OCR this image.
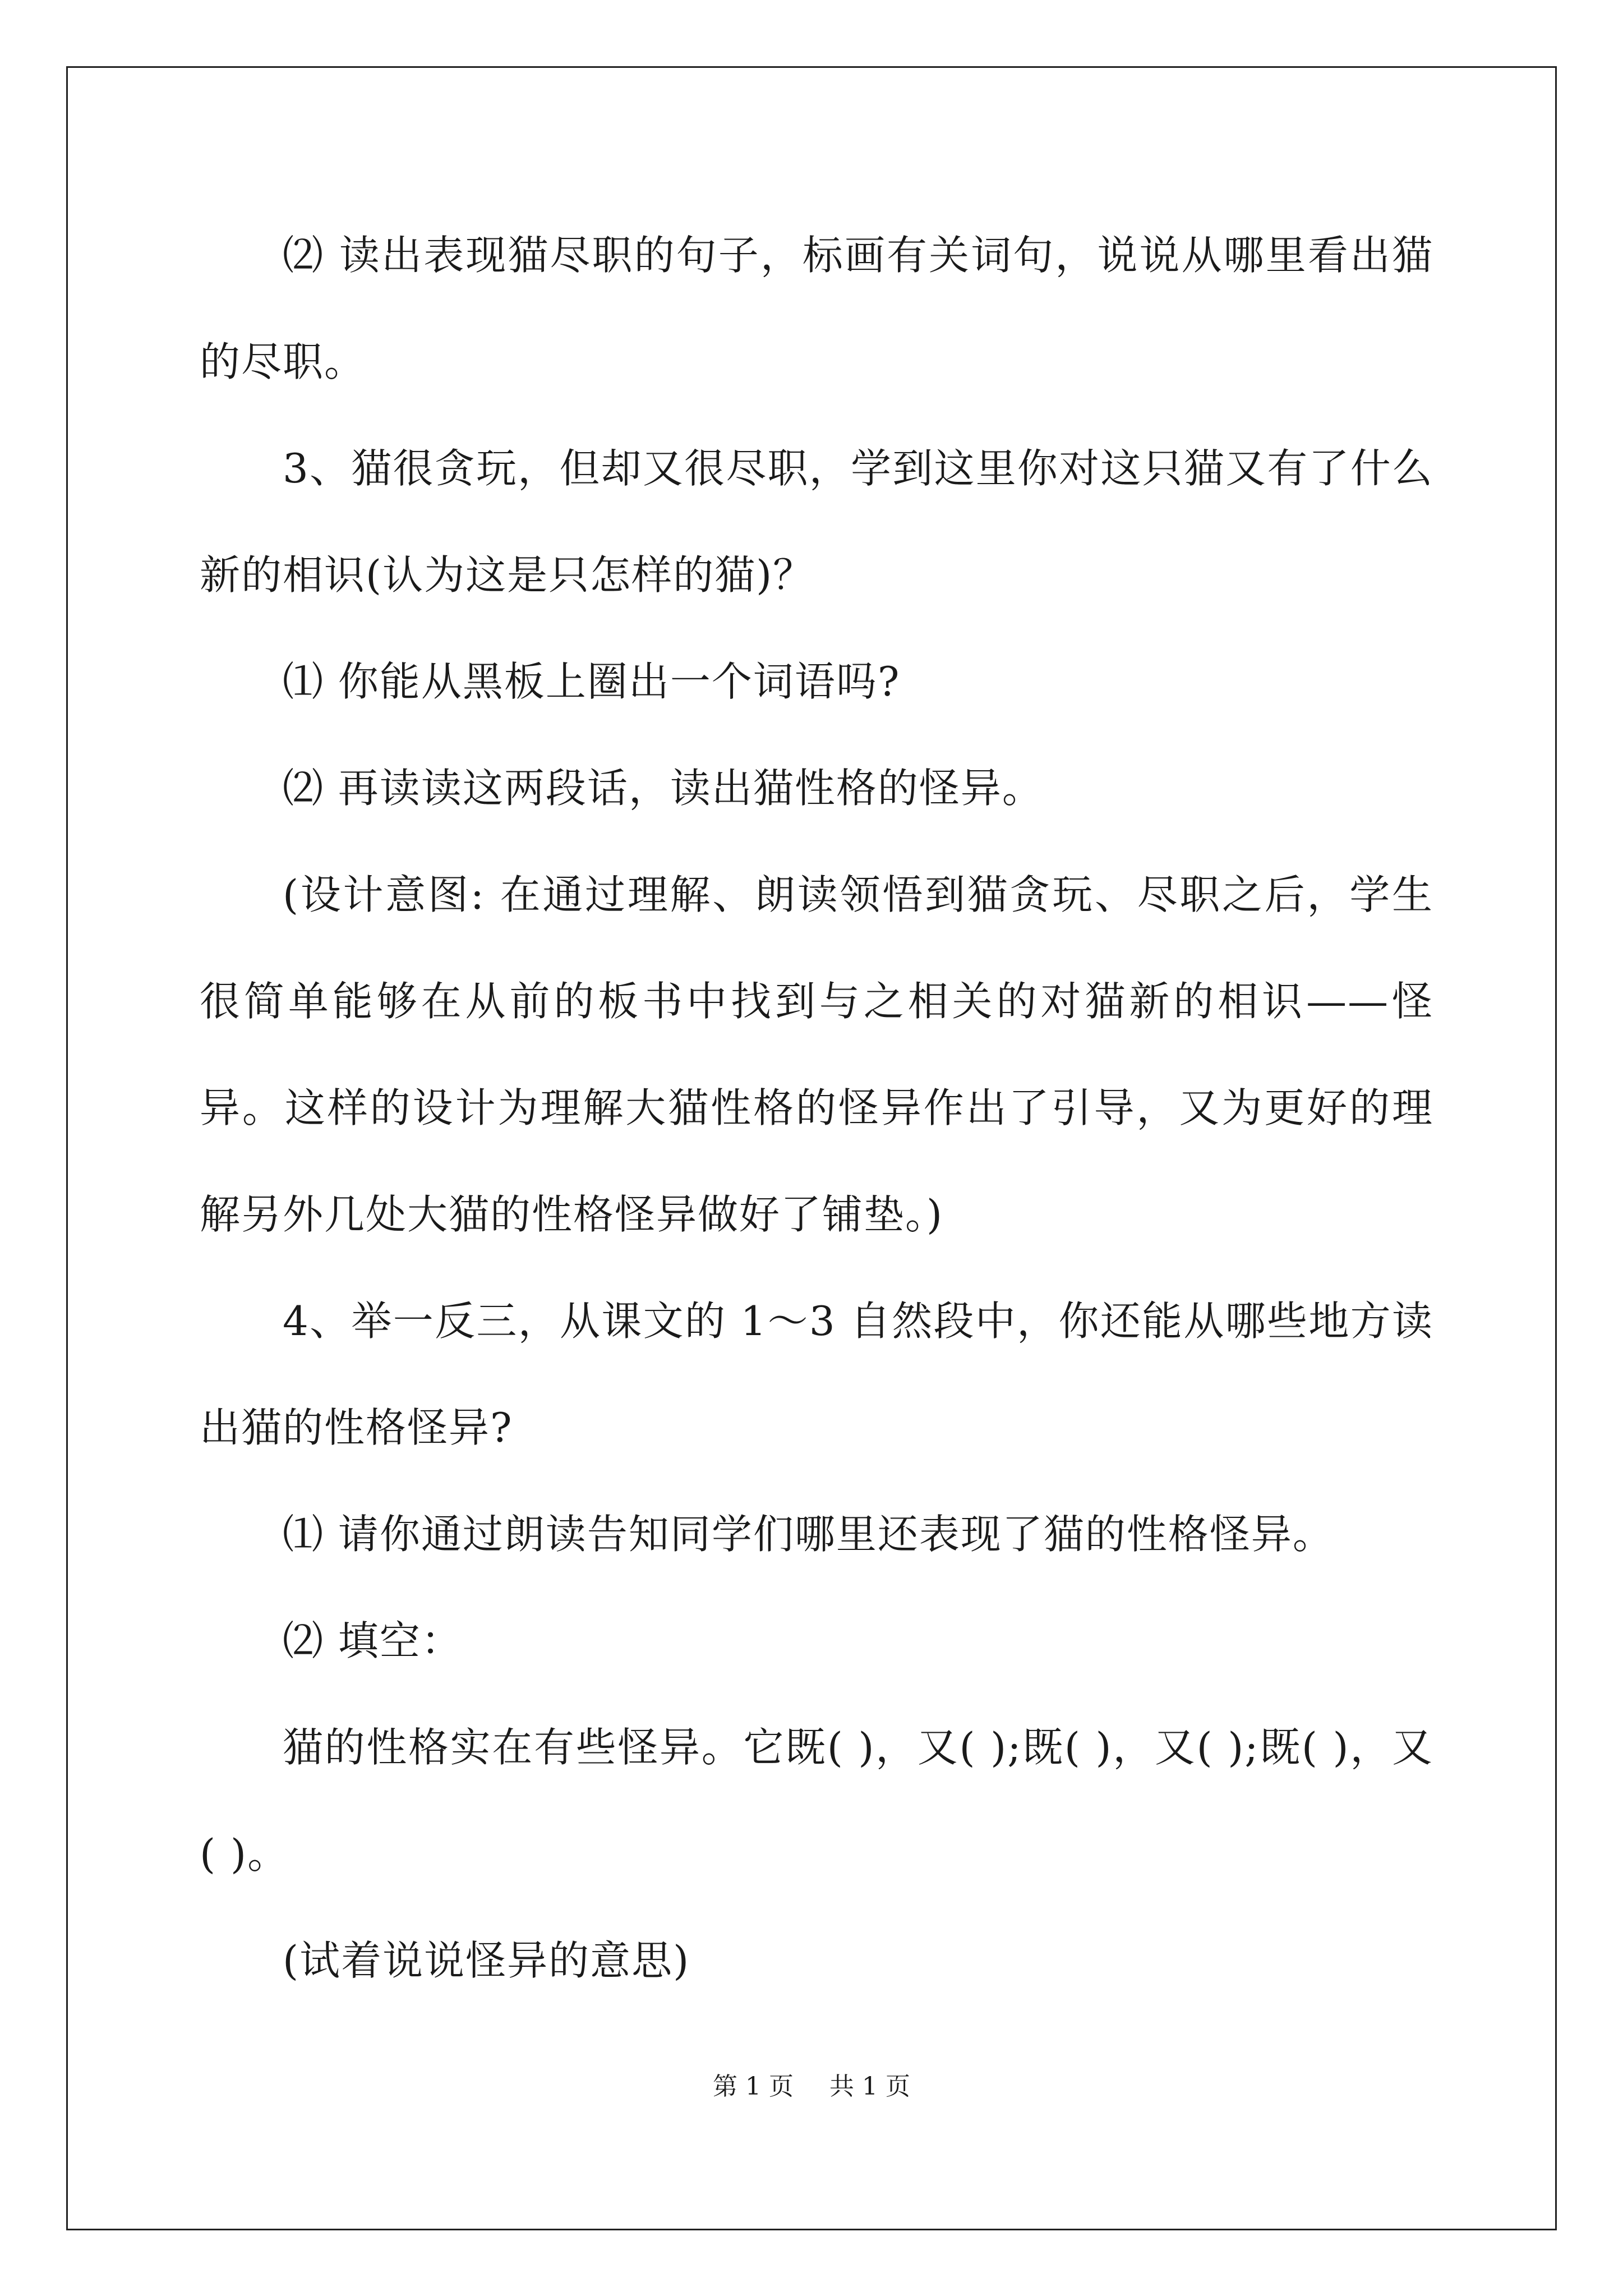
⑵ 读出表现猫尽职的句子，标画有关词句，说说从哪里看出猫的尽职。

3、猫很贪玩，但却又很尽职，学到这里你对这只猫又有了什么新的相识(认为这是只怎样的猫)？

⑴ 你能从黑板上圈出一个词语吗?

⑵ 再读读这两段话，读出猫性格的怪异。

(设计意图: 在通过理解、朗读领悟到猫贪玩、尽职之后，学生很简单能够在从前的板书中找到与之相关的对猫新的相识——怪异。这样的设计为理解大猫性格的怪异作出了引导，又为更好的理解另外几处大猫的性格怪异做好了铺垫。)

4、举一反三，从课文的 1～3 自然段中，你还能从哪些地方读出猫的性格怪异?

⑴ 请你通过朗读告知同学们哪里还表现了猫的性格怪异。

⑵ 填空：

猫的性格实在有些怪异。它既( )，又( );既( )，又( );既( )，又( )。

(试着说说怪异的意思)

第 1 页 共 1 页
